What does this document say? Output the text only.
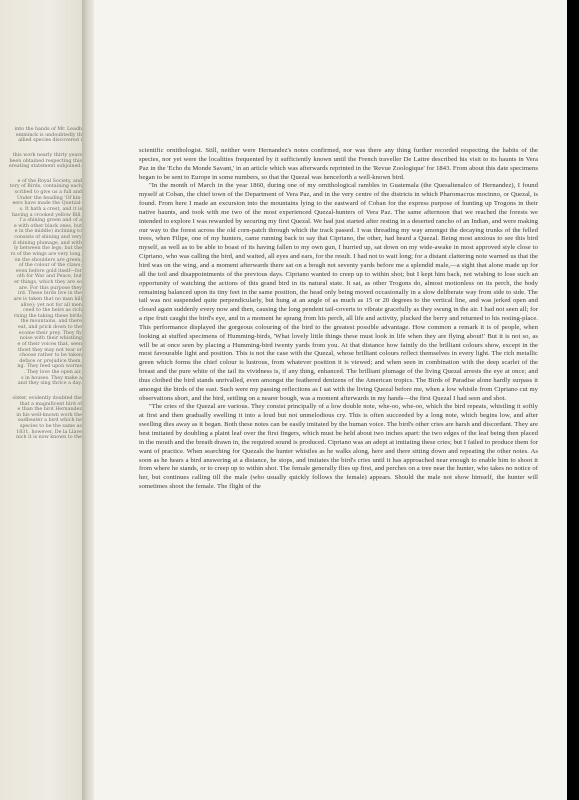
into the hands of Mr. Leadb
emminck is undoubtedly th
allied species discovered i
this work nearly thirty years
been obtained respecting this
ereating statement subjoined:
e of the Royal Society, and
tory of Birds, containing each
scribed to give us a full and
Under the heading 'Of kin-
eers have made the Quetzal-
s. It hath a crest, and it is
having a crooked yellow Bill,
f a shining green and of a
e with other black ones, but
e in the middle) inclining to
consists of shining and very
d shining plumage, and with
ly between the legs; but the
rs of the wings are very long,
on the shoulders are green;
of the colour of the claws;
even before gold itself—for
oth for War and Peace, but
er things, which they are so
are. For this purpose they
ird. These birds live in the
are is taken that no man kill
alive); yet not for all men
ceed to the heirs as rich
rning the taking these birds
the mountains, and there
eat, and prick down to the
ecome their prey. They fly
noise with their whistling
e of their voices that, seen
thoet they may not tear or
choose rather to be taken
deface or prejudice them,
ng. They feed upon worms
. They love the open air,
s in houses. They make a
and they sing thrice a day.
olster, evidently doubted the
that a magnificent bird of
e than the bird Hernandez
in his well-known work the
eadbeater a bird which he
species to be the same as
1831, however, De la Llave
nich it is now known to the

scientific ornithologist. Still, neither were Hernandez's notes confirmed, nor was there any thing further recorded respecting the habits of the species, nor yet were the localities frequented by it sufficiently known until the French traveller De Lattre described his visit to its haunts in Vera Paz in the 'Echo du Monde Savant,' in an article which was afterwards reprinted in the 'Revue Zoologique' for 1843. From about this date specimens began to be sent to Europe in some numbers, so that the Quezal was henceforth a well-known bird.

"In the month of March in the year 1860, during one of my ornithological rambles in Guatemala (the Quesaltenalco of Hernandez), I found myself at Coban, the chief town of the Department of Vera Paz, and in the very centre of the districts in which Pharomacrus mocinno, or Quezal, is found. From here I made an excursion into the mountains lying to the eastward of Coban for the express purpose of hunting up Trogons in their native haunts, and took with me two of the most experienced Quezal-hunters of Vera Paz. The same afternoon that we reached the forests we intended to explore I was rewarded by securing my first Quezal. We had just started after resting in a deserted rancho of an Indian, and were making our way to the forest across the old corn-patch through which the track passed. I was threading my way amongst the decaying trunks of the felled trees, when Filipe, one of my hunters, came running back to say that Cipriano, the other, had heard a Quezal. Being most anxious to see this bird myself, as well as to be able to boast of its having fallen to my own gun, I hurried up, sat down on my wide-awake in most approved style close to Cipriano, who was calling the bird, and waited, all eyes and ears, for the result. I had not to wait long; for a distant clattering note warned us that the bird was on the wing, and a moment afterwards there sat on a bough not seventy yards before me a splendid male,—a sight that alone made up for all the toil and disappointments of the previous days. Cipriano wanted to creep up to within shot; but I kept him back, not wishing to lose such an opportunity of watching the actions of this grand bird in its natural state. It sat, as other Trogons do, almost motionless on its perch, the body remaining balanced upon its tiny feet in the same position, the head only being moved occasionally in a slow deliberate way from side to side. The tail was not suspended quite perpendicularly, but hung at an angle of as much as 15 or 20 degrees to the vertical line, and was jerked open and closed again suddenly every now and then, causing the long pendent tail-coverts to vibrate gracefully as they swung in the air. I had not seen all; for a ripe fruit caught the bird's eye, and in a moment he sprang from his perch, all life and activity, plucked the berry and returned to his resting-place. This performance displayed the gorgeous colouring of the bird to the greatest possible advantage. How common a remark it is of people, when looking at stuffed specimens of Humming-birds, 'What lovely little things these must look in life when they are flying about!' But it is not so, as will be at once seen by placing a Humming-bird twenty yards from you. At that distance how faintly do the brilliant colours show, except in the most favourable light and position. This is not the case with the Quezal, whose brilliant colours reflect themselves in every light. The rich metallic green which forms the chief colour is lustrous, from whatever position it is viewed; and when seen in combination with the deep scarlet of the breast and the pure white of the tail its vividness is, if any thing, enhanced. The brilliant plumage of the living Quezal arrests the eye at once; and thus clothed the bird stands unrivalled, even amongst the feathered denizens of the American tropics. The Birds of Paradise alone hardly surpass it amongst the birds of the east. Such were my passing reflections as I sat with the living Quezal before me, when a low whistle from Cipriano cut my observations short, and the bird, settling on a nearer bough, was a moment afterwards in my hands—the first Quezal I had seen and shot.

"The cries of the Quezal are various. They consist principally of a low double note, whe-oo, whe-oo, which the bird repeats, whistling it softly at first and then gradually swelling it into a loud but not unmelodious cry. This is often succeeded by a long note, which begins low, and after swelling dies away as it began. Both these notes can be easily imitated by the human voice. The bird's other cries are harsh and discordant. They are best imitated by doubling a plaint leaf over the first fingers, which must be held about two inches apart: the two edges of the leaf being then placed in the mouth and the breath drawn in, the required sound is produced. Cipriano was an adept at imitating these cries; but I failed to produce them for want of practice. When searching for Quezals the hunter whistles as he walks along, here and there sitting down and repeating the other notes. As soon as he hears a bird answering at a distance, he stops, and imitates the bird's cries until it has approached near enough to enable him to shoot it from where he stands, or to creep up to within shot. The female generally flies up first, and perches on a tree near the hunter, who takes no notice of her, but continues calling till the male (who usually quickly follows the female) appears. Should the male not show himself, the hunter will sometimes shoot the female. The flight of the
